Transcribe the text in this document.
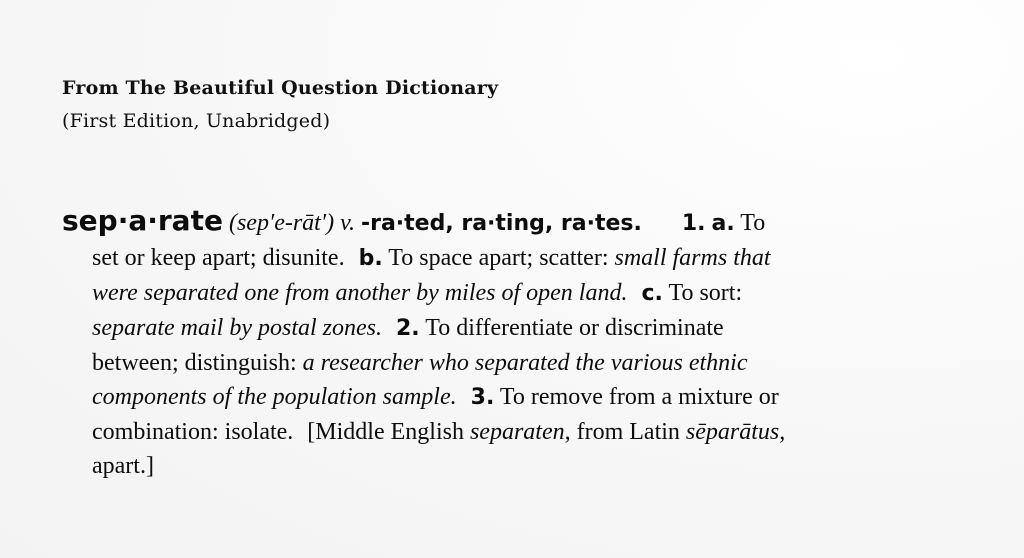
From The Beautiful Question Dictionary
(First Edition, Unabridged)
sep·a·rate (sep′e-rāt′) v. -ra·ted, ra·ting, ra·tes. 1. a. To
set or keep apart; disunite. b. To space apart; scatter: small farms that
were separated one from another by miles of open land. c. To sort:
separate mail by postal zones. 2. To differentiate or discriminate
between; distinguish: a researcher who separated the various ethnic
components of the population sample. 3. To remove from a mixture or
combination: isolate. [Middle English separaten, from Latin sēparātus,
apart.]
